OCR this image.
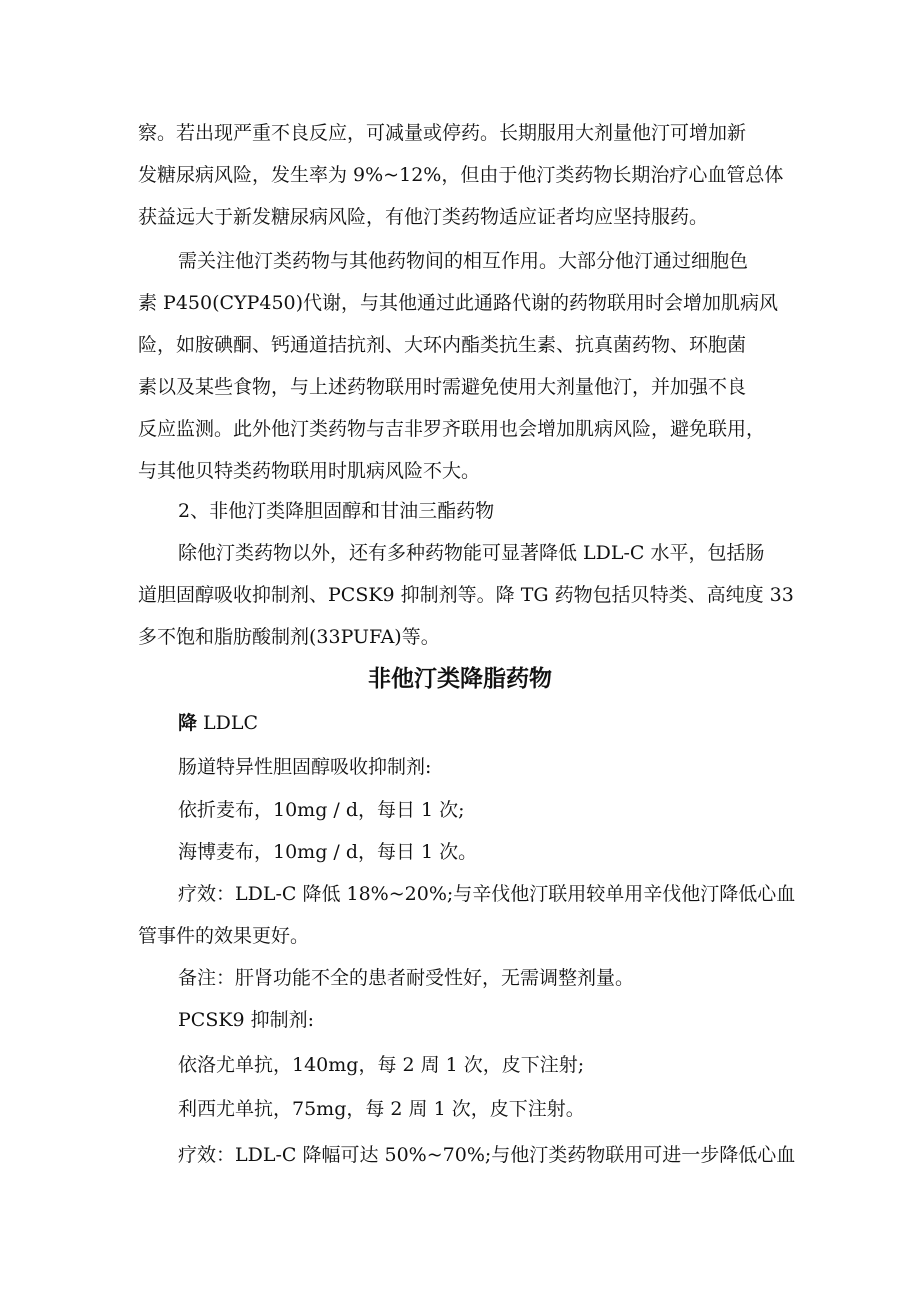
察。若出现严重不良反应，可减量或停药。长期服用大剂量他汀可增加新
发糖尿病风险，发生率为 9%~12%，但由于他汀类药物长期治疗心血管总体
获益远大于新发糖尿病风险，有他汀类药物适应证者均应坚持服药。
需关注他汀类药物与其他药物间的相互作用。大部分他汀通过细胞色
素 P450(CYP450)代谢，与其他通过此通路代谢的药物联用时会增加肌病风
险，如胺碘酮、钙通道拮抗剂、大环内酯类抗生素、抗真菌药物、环胞菌
素以及某些食物，与上述药物联用时需避免使用大剂量他汀，并加强不良
反应监测。此外他汀类药物与吉非罗齐联用也会增加肌病风险，避免联用，
与其他贝特类药物联用时肌病风险不大。
2、非他汀类降胆固醇和甘油三酯药物
除他汀类药物以外，还有多种药物能可显著降低 LDL-C 水平，包括肠
道胆固醇吸收抑制剂、PCSK9 抑制剂等。降 TG 药物包括贝特类、高纯度 33
多不饱和脂肪酸制剂(33PUFA)等。
非他汀类降脂药物
降 LDLC
肠道特异性胆固醇吸收抑制剂:
依折麦布，10mg / d，每日 1 次;
海博麦布，10mg / d，每日 1 次。
疗效：LDL-C 降低 18%~20%;与辛伐他汀联用较单用辛伐他汀降低心血
管事件的效果更好。
备注：肝肾功能不全的患者耐受性好，无需调整剂量。
PCSK9 抑制剂:
依洛尤单抗，140mg，每 2 周 1 次，皮下注射;
利西尤单抗，75mg，每 2 周 1 次，皮下注射。
疗效：LDL-C 降幅可达 50%~70%;与他汀类药物联用可进一步降低心血
